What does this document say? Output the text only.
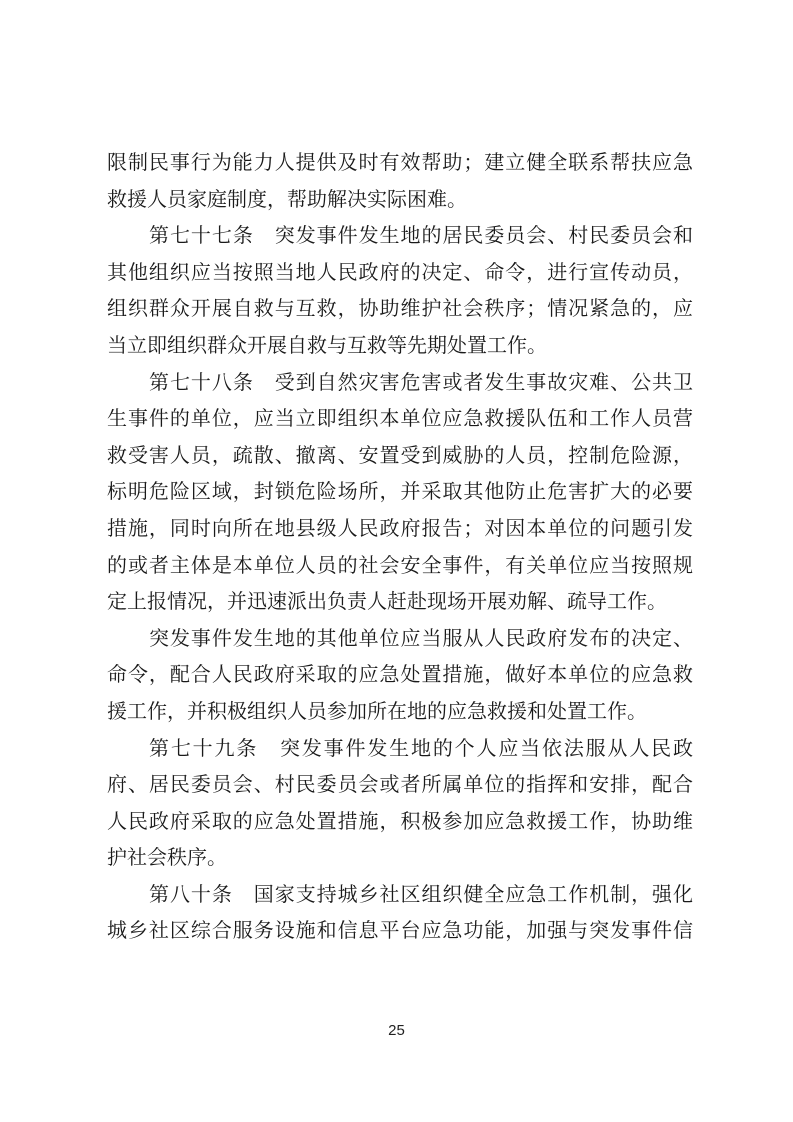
限制民事行为能力人提供及时有效帮助；建立健全联系帮扶应急
救援人员家庭制度，帮助解决实际困难。
第七十七条　突发事件发生地的居民委员会、村民委员会和
其他组织应当按照当地人民政府的决定、命令，进行宣传动员，
组织群众开展自救与互救，协助维护社会秩序；情况紧急的，应
当立即组织群众开展自救与互救等先期处置工作。
第七十八条　受到自然灾害危害或者发生事故灾难、公共卫
生事件的单位，应当立即组织本单位应急救援队伍和工作人员营
救受害人员，疏散、撤离、安置受到威胁的人员，控制危险源，
标明危险区域，封锁危险场所，并采取其他防止危害扩大的必要
措施，同时向所在地县级人民政府报告；对因本单位的问题引发
的或者主体是本单位人员的社会安全事件，有关单位应当按照规
定上报情况，并迅速派出负责人赶赴现场开展劝解、疏导工作。
突发事件发生地的其他单位应当服从人民政府发布的决定、
命令，配合人民政府采取的应急处置措施，做好本单位的应急救
援工作，并积极组织人员参加所在地的应急救援和处置工作。
第七十九条　突发事件发生地的个人应当依法服从人民政
府、居民委员会、村民委员会或者所属单位的指挥和安排，配合
人民政府采取的应急处置措施，积极参加应急救援工作，协助维
护社会秩序。
第八十条　国家支持城乡社区组织健全应急工作机制，强化
城乡社区综合服务设施和信息平台应急功能，加强与突发事件信
25
